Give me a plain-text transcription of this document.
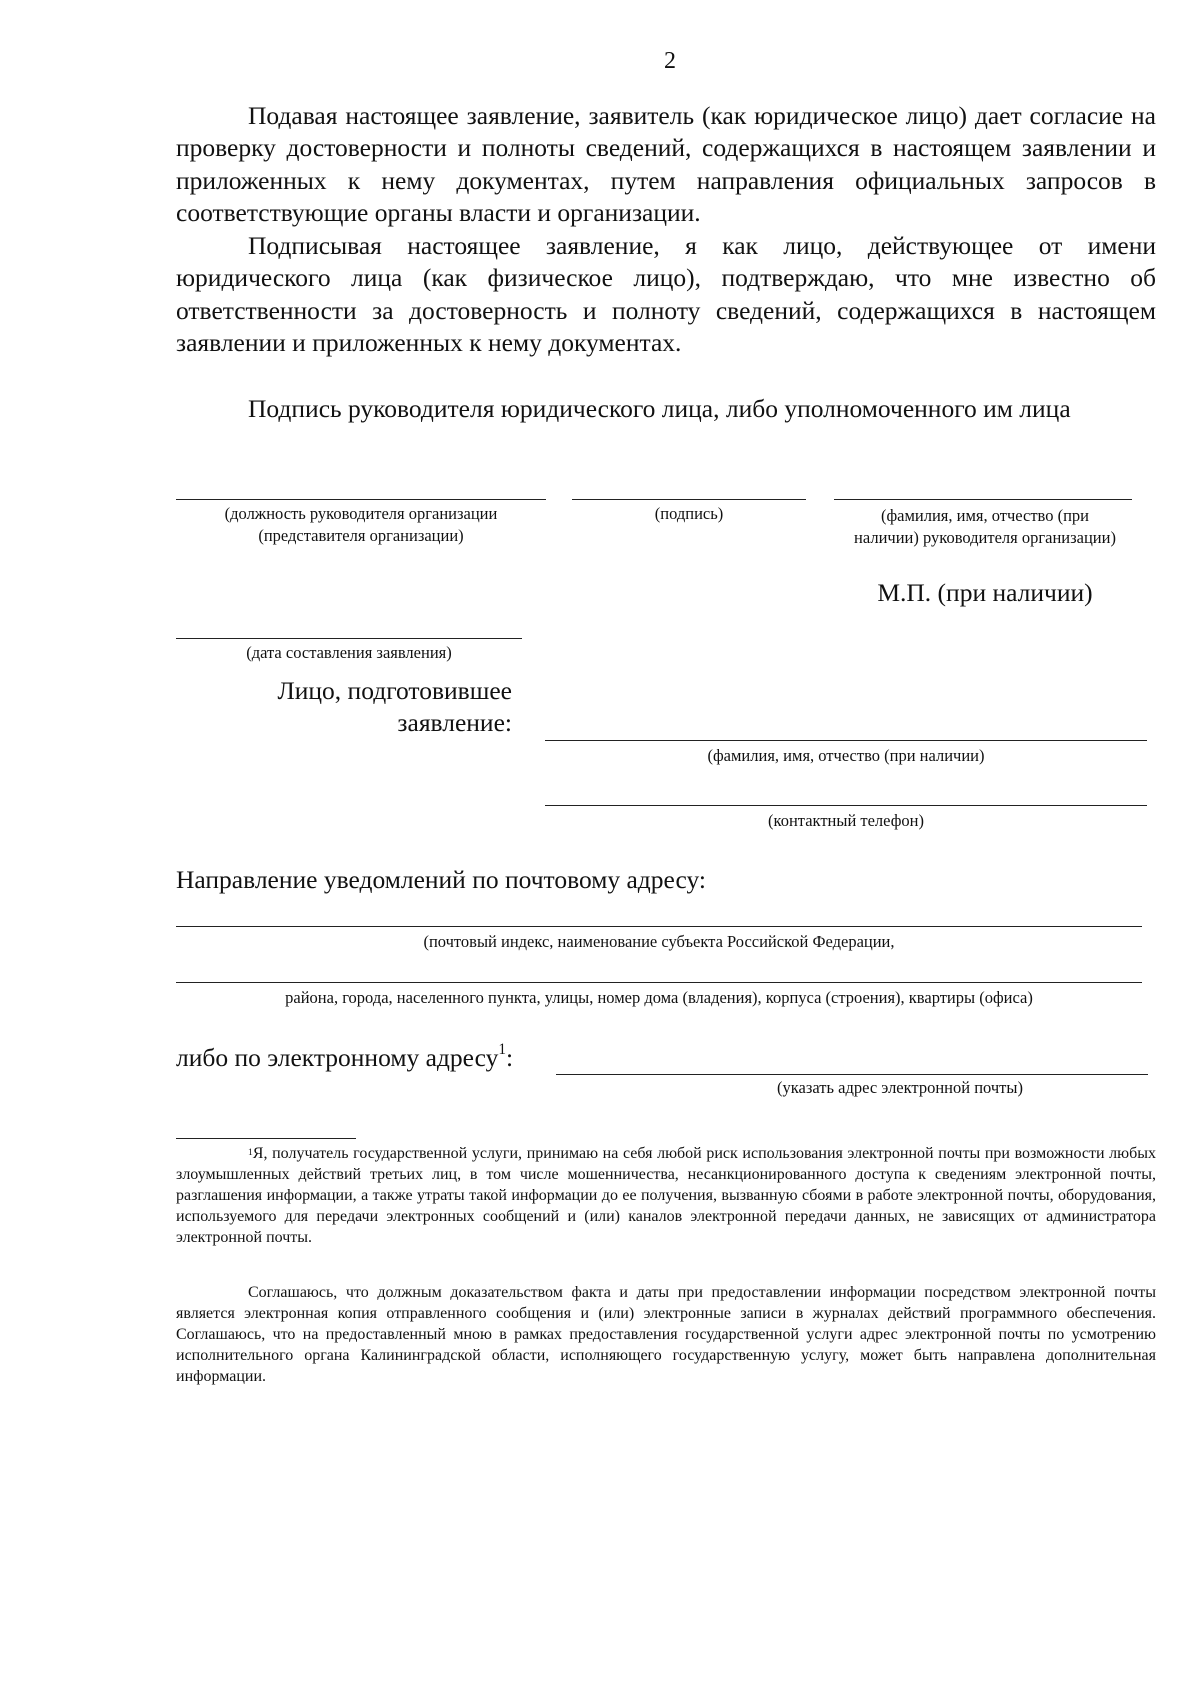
2
Подавая настоящее заявление, заявитель (как юридическое лицо) дает согласие на проверку достоверности и полноты сведений, содержащихся в настоящем заявлении и приложенных к нему документах, путем направления официальных запросов в соответствующие органы власти и организации.
Подписывая настоящее заявление, я как лицо, действующее от имени юридического лица (как физическое лицо), подтверждаю, что мне известно об ответственности за достоверность и полноту сведений, содержащихся в настоящем заявлении и приложенных к нему документах.
Подпись руководителя юридического лица, либо уполномоченного им лица
(должность руководителя организации (представителя организации)
(подпись)	(фамилия, имя, отчество (при наличии) руководителя организации)
М.П. (при наличии)
(дата составления заявления)
Лицо, подготовившее заявление:
(фамилия, имя, отчество (при наличии)
(контактный телефон)
Направление уведомлений по почтовому адресу:
(почтовый индекс, наименование субъекта Российской Федерации,
района, города, населенного пункта, улицы, номер дома (владения), корпуса (строения), квартиры (офиса)
либо по электронному адресу$^1$:
(указать адрес электронной почты)
$^1$Я, получатель государственной услуги, принимаю на себя любой риск использования электронной почты при возможности любых злоумышленных действий третьих лиц, в том числе мошенничества, несанкционированного доступа к сведениям электронной почты, разглашения информации, а также утраты такой информации до ее получения, вызванную сбоями в работе электронной почты, оборудования, используемого для передачи электронных сообщений и (или) каналов электронной передачи данных, не зависящих от администратора электронной почты.
Соглашаюсь, что должным доказательством факта и даты при предоставлении информации посредством электронной почты является электронная копия отправленного сообщения и (или) электронные записи в журналах действий программного обеспечения. Соглашаюсь, что на предоставленный мною в рамках предоставления государственной услуги адрес электронной почты по усмотрению исполнительного органа Калининградской области, исполняющего государственную услугу, может быть направлена дополнительная информации.
